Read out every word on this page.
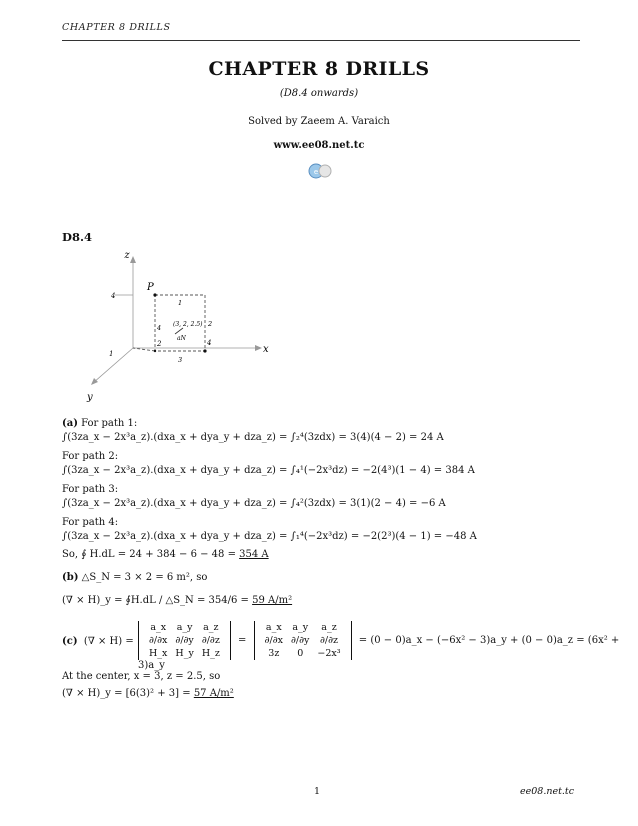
CHAPTER 8 DRILLS
CHAPTER 8 DRILLS
(D8.4 onwards)
Solved by Zaeem A. Varaich
www.ee08.net.tc
e
D8.4
z
x
y
P
4
1
(3, 2, 2.5)
aN
1
2
3
4
4
2
(a) For path 1:
∫(3za_x − 2x³a_z).(dxa_x + dya_y + dza_z) = ∫₂⁴(3zdx) = 3(4)(4 − 2) = 24 A
For path 2:
∫(3za_x − 2x³a_z).(dxa_x + dya_y + dza_z) = ∫₄¹(−2x³dz) = −2(4³)(1 − 4) = 384 A
For path 3:
∫(3za_x − 2x³a_z).(dxa_x + dya_y + dza_z) = ∫₄²(3zdx) = 3(1)(2 − 4) = −6 A
For path 4:
∫(3za_x − 2x³a_z).(dxa_x + dya_y + dza_z) = ∫₁⁴(−2x³dz) = −2(2³)(4 − 1) = −48 A
So, ∮ H.dL = 24 + 384 − 6 − 48 = 354 A
(b) △S_N = 3 × 2 = 6 m², so
(∇ × H)_y = ∮H.dL / △S_N = 354/6 = 59 A/m²
(c) (∇ × H) =
a_x	a_y	a_z
∂/∂x	∂/∂y	∂/∂z
H_x	H_y	H_z
=
a_x	a_y	a_z
∂/∂x	∂/∂y	∂/∂z
3z	0	−2x³
= (0 − 0)a_x − (−6x² − 3)a_y + (0 − 0)a_z = (6x² + 3)a_y
At the center, x = 3, z = 2.5, so
(∇ × H)_y = [6(3)² + 3] = 57 A/m²
1	ee08.net.tc
